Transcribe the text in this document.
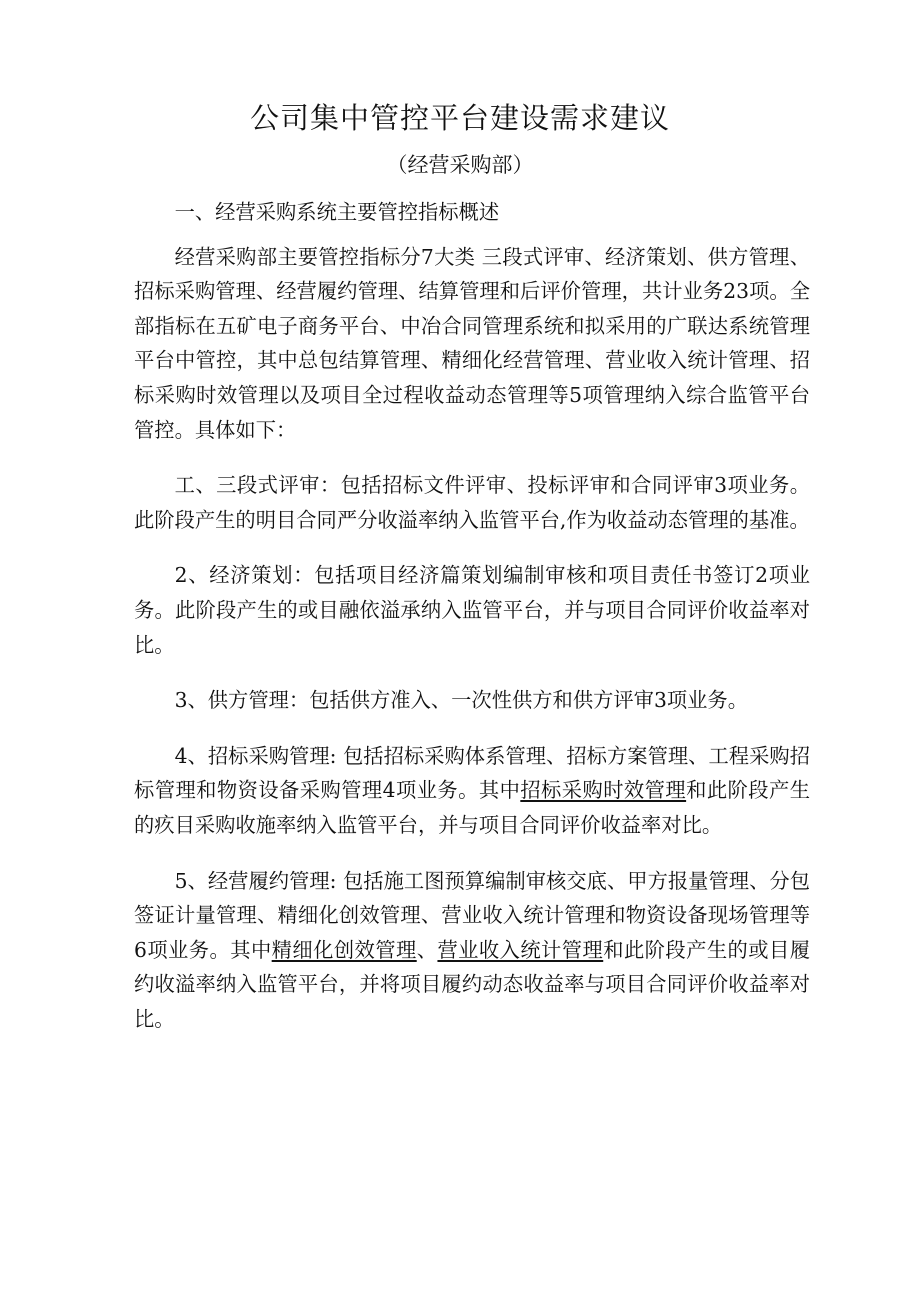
公司集中管控平台建设需求建议
（经营采购部）

一、经营采购系统主要管控指标概述

经营采购部主要管控指标分7大类 三段式评审、经济策划、供方管理、招标采购管理、经营履约管理、结算管理和后评价管理，共计业务23项。全部指标在五矿电子商务平台、中冶合同管理系统和拟采用的广联达系统管理平台中管控，其中总包结算管理、精细化经营管理、营业收入统计管理、招标采购时效管理以及项目全过程收益动态管理等5项管理纳入综合监管平台管控。具体如下：

工、三段式评审：包括招标文件评审、投标评审和合同评审3项业务。此阶段产生的明目合同严分收溢率纳入监管平台,作为收益动态管理的基准。

2、经济策划：包括项目经济篇策划编制审核和项目责任书签订2项业务。此阶段产生的或目融依溢承纳入监管平台，并与项目合同评价收益率对比。

3、供方管理：包括供方准入、一次性供方和供方评审3项业务。

4、招标采购管理: 包括招标采购体系管理、招标方案管理、工程采购招标管理和物资设备采购管理4项业务。其中招标采购时效管理和此阶段产生的疚目采购收施率纳入监管平台，并与项目合同评价收益率对比。

5、经营履约管理: 包括施工图预算编制审核交底、甲方报量管理、分包签证计量管理、精细化创效管理、营业收入统计管理和物资设备现场管理等6项业务。其中精细化创效管理、营业收入统计管理和此阶段产生的或目履约收溢率纳入监管平台，并将项目履约动态收益率与项目合同评价收益率对比。
